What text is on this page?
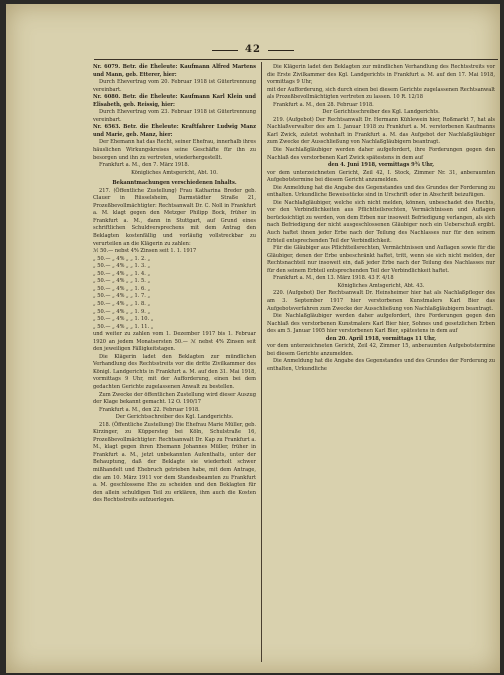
42

Nr. 6079. Betr. die Eheleute: Kaufmann Alfred Martens und Mann, geb. Etterer, hier:

Durch Ehevertrag vom 20. Februar 1918 ist Gütertrennung vereinbart.

Nr. 6080. Betr. die Eheleute: Kaufmann Karl Klein und Elisabeth, geb. Reissig, hier:

Durch Ehevertrag vom 23. Februar 1918 ist Gütertrennung vereinbart.

Nr. 6563. Betr. die Eheleute: Kraftfahrer Ludwig Manz und Marie, geb. Manz, hier:

Der Ehemann hat das Recht, seiner Ehefrau, innerhalb ihres häuslichen Wirkungskreises seine Geschäfte für ihn zu besorgen und ihn zu vertreten, wiederhergestellt.

Frankfurt a. M., den 7. März 1918.

Königliches Amtsgericht, Abt. 10.

Bekanntmachungen verschiedenen Inhalts.

217. (Öffentliche Zustellung) Frau Katharina Breder geb. Clauer in Rüsselsheim, Darmstädter Straße 21, Prozeßbevollmächtigter: Rechtsanwalt Dr. C. Noll in Frankfurt a. M. klagt gegen den Metzger Philipp Bock, früher in Frankfurt a. M., dann in Stuttgart, auf Grund eines schriftlichen Schuldversprechens mit dem Antrag den Beklagten kostenfällig und vorläufig vollstreckbar zu verurteilen an die Klägerin zu zahlen:

ℳ 50.— nebst 4% Zinsen seit 1. 1. 1917

„ 50.— „ 4% „ „ 1. 2. „

„ 50.— „ 4% „ „ 1. 3. „

„ 50.— „ 4% „ „ 1. 4. „

„ 50.— „ 4% „ „ 1. 5. „

„ 50.— „ 4% „ „ 1. 6. „

„ 50.— „ 4% „ „ 1. 7. „

„ 50.— „ 4% „ „ 1. 8. „

„ 50.— „ 4% „ „ 1. 9. „

„ 50.— „ 4% „ „ 1. 10. „

„ 50.— „ 4% „ „ 1. 11. „

und weiter zu zahlen vom 1. Dezember 1917 bis 1. Februar 1920 an jedem Monatsersten 50.— ℳ nebst 4% Zinsen seit den jeweiligen Fälligkeitstagen.

Die Klägerin ladet den Beklagten zur mündlichen Verhandlung des Rechtsstreits vor die dritte Zivilkammer des Königl. Landgerichts in Frankfurt a. M. auf den 31. Mai 1918, vormittags 9 Uhr, mit der Aufforderung, einen bei dem gedachten Gerichte zugelassenen Anwalt zu bestellen.

Zum Zwecke der öffentlichen Zustellung wird dieser Auszug der Klage bekannt gemacht. 12 O. 190/17

Frankfurt a. M., den 22. Februar 1918.

Der Gerichtsschreiber des Kgl. Landgerichts.

218. (Öffentliche Zustellung) Die Ehefrau Marie Müller, geb. Kirzinger, zu Küppersteg bei Köln, Schulstraße 16, Prozeßbevollmächtigter: Rechtsanwalt Dr. Kap zu Frankfurt a. M., klagt gegen ihren Ehemann Johannes Müller, früher in Frankfurt a. M., jetzt unbekannten Aufenthalts, unter der Behauptung, daß der Beklagte sie wiederholt schwer mißhandelt und Ehebruch getrieben habe, mit dem Antrage, die am 10. März 1911 vor dem Standesbeamten zu Frankfurt a. M. geschlossene Ehe zu scheiden und den Beklagten für den allein schuldigen Teil zu erklären, ihm auch die Kosten des Rechtsstreits aufzuerlegen.

Die Klägerin ladet den Beklagten zur mündlichen Verhandlung des Rechtsstreits vor die Erste Zivilkammer des Kgl. Landgerichts in Frankfurt a. M. auf den 17. Mai 1918, vormittags 9 Uhr,

mit der Aufforderung, sich durch einen bei diesem Gerichte zugelassenen Rechtsanwalt als Prozeßbevollmächtigten vertreten zu lassen. 10 R. 12/18

Frankfurt a. M., den 28. Februar 1918.

Der Gerichtsschreiber des Kgl. Landgerichts.

219. (Aufgebot) Der Rechtsanwalt Dr. Hermann Kühlewein hier, Roßmarkt 7, hat als Nachlaßverwalter des am 1. Januar 1918 zu Frankfurt a. M. verstorbenen Kaufmanns Karl Zwick, zuletzt wohnhaft in Frankfurt a. M. das Aufgebot der Nachlaßgläubiger zum Zwecke der Ausschließung von Nachlaßgläubigern beantragt.

Die Nachlaßgläubiger werden daher aufgefordert, ihre Forderungen gegen den Nachlaß des verstorbenen Karl Zwick spätestens in dem auf

den 4. Juni 1918, vormittags 9¾ Uhr,

vor dem unterzeichneten Gericht, Zeil 42, I. Stock, Zimmer Nr. 31, anberaumten Aufgebotstermine bei diesem Gericht anzumelden.

Die Anmeldung hat die Angabe des Gegenstandes und des Grundes der Forderung zu enthalten. Urkundliche Beweisstücke sind in Urschrift oder in Abschrift beizufügen.

Die Nachlaßgläubiger, welche sich nicht melden, können, unbeschadet des Rechts, vor den Verbindlichkeiten aus Pflichtteilsrechten, Vermächtnissen und Auflagen berücksichtigt zu werden, von dem Erben nur insoweit Befriedigung verlangen, als sich nach Befriedigung der nicht ausgeschlossenen Gläubiger noch ein Ueberschuß ergibt. Auch haftet ihnen jeder Erbe nach der Teilung des Nachlasses nur für den seinem Erbteil entsprechenden Teil der Verbindlichkeit.

Für die Gläubiger aus Pflichtteilsrechten, Vermächtnissen und Auflagen sowie für die Gläubiger, denen der Erbe unbeschränkt haftet, tritt, wenn sie sich nicht melden, der Rechtsnachteil nur insoweit ein, daß jeder Erbe nach der Teilung des Nachlasses nur für den seinem Erbteil entsprechenden Teil der Verbindlichkeit haftet.

Frankfurt a. M., den 13. März 1918. 43 F. 4/18

Königliches Amtsgericht, Abt. 43.

220. (Aufgebot) Der Rechtsanwalt Dr. Heinsheimer hier hat als Nachlaßpfleger des am 3. September 1917 hier verstorbenen Kunstmalers Karl Bier das Aufgebotsverfahren zum Zwecke der Ausschließung von Nachlaßgläubigern beantragt.

Die Nachlaßgläubiger werden daher aufgefordert, ihre Forderungen gegen den Nachlaß des verstorbenen Kunstmalers Karl Bier hier, Sohnes und gesetzlichen Erben des am 5. Januar 1905 hier verstorbenen Karl Bier, spätestens in dem auf

den 20. April 1918, vormittags 11 Uhr,

vor dem unterzeichneten Gericht, Zeil 42, Zimmer 15, anberaumten Aufgebotstermine bei diesem Gerichte anzumelden.

Die Anmeldung hat die Angabe des Gegenstandes und des Grundes der Forderung zu enthalten, Urkundliche
